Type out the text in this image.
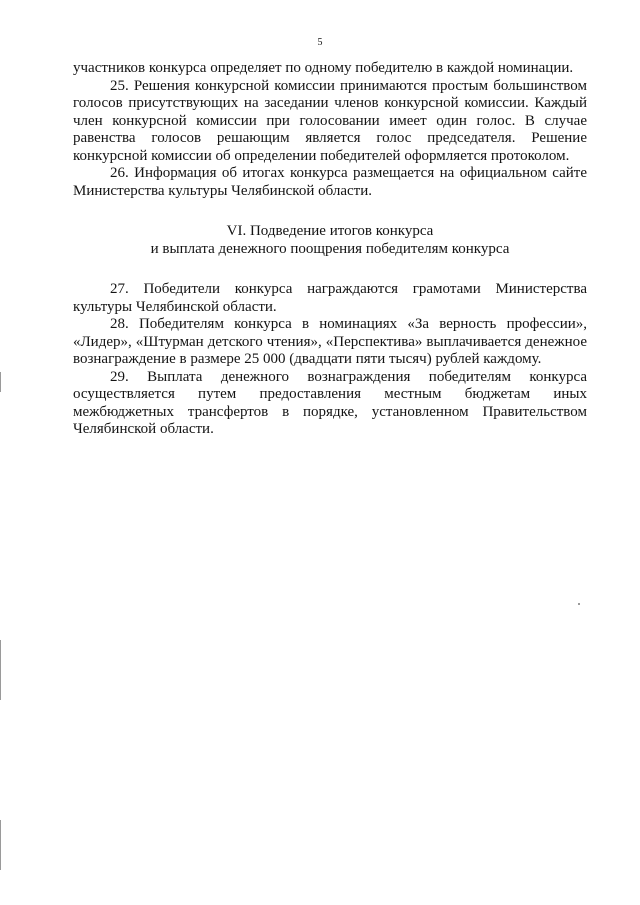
5

участников конкурса определяет по одному победителю в каждой номинации.

25. Решения конкурсной комиссии принимаются простым большинством голосов присутствующих на заседании членов конкурсной комиссии. Каждый член конкурсной комиссии при голосовании имеет один голос. В случае равенства голосов решающим является голос председателя. Решение конкурсной комиссии об определении победителей оформляется протоколом.

26. Информация об итогах конкурса размещается на официальном сайте Министерства культуры Челябинской области.

VI. Подведение итогов конкурса
и выплата денежного поощрения победителям конкурса

27. Победители конкурса награждаются грамотами Министерства культуры Челябинской области.

28. Победителям конкурса в номинациях «За верность профессии», «Лидер», «Штурман детского чтения», «Перспектива» выплачивается денежное вознаграждение в размере 25 000 (двадцати пяти тысяч) рублей каждому.

29. Выплата денежного вознаграждения победителям конкурса осуществляется путем предоставления местным бюджетам иных межбюджетных трансфертов в порядке, установленном Правительством Челябинской области.
